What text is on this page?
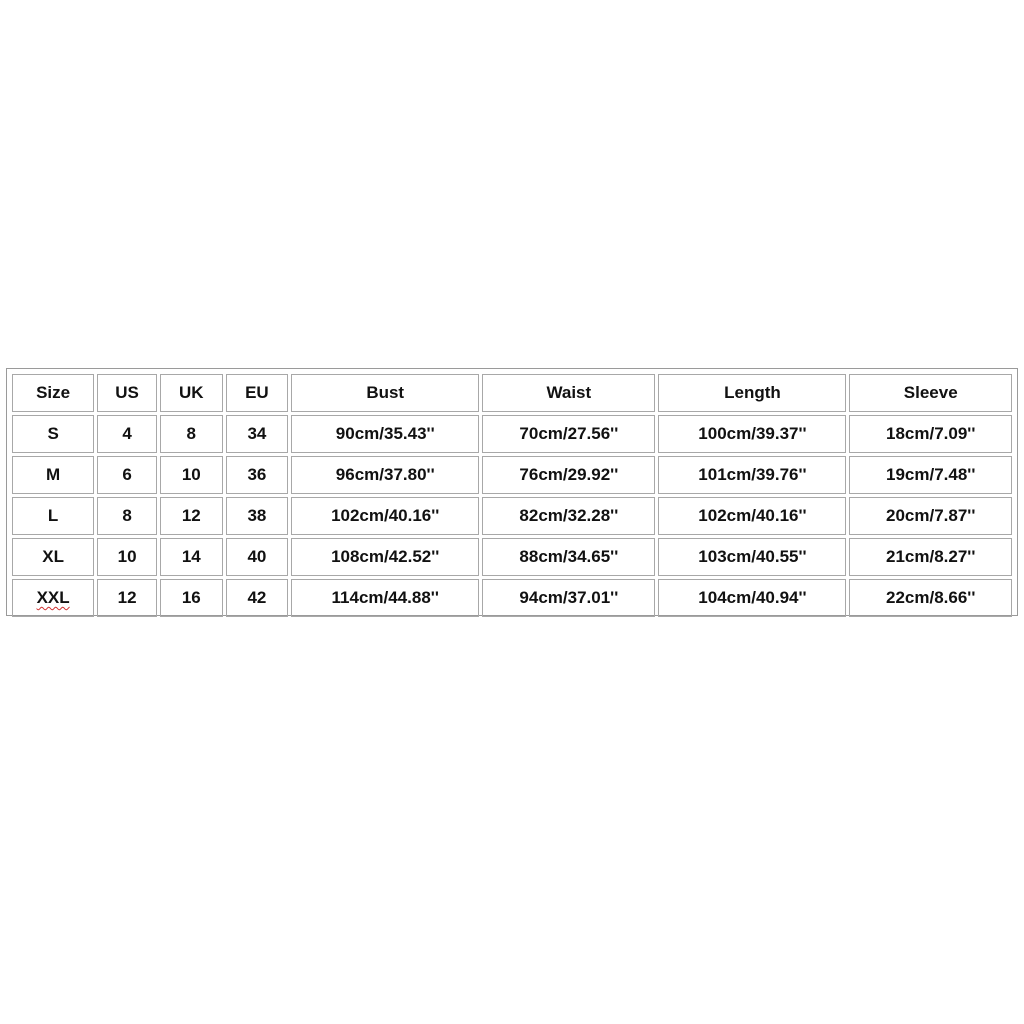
Size	US	UK	EU	Bust	Waist	Length	Sleeve
S	4	8	34	90cm/35.43''	70cm/27.56''	100cm/39.37''	18cm/7.09''
M	6	10	36	96cm/37.80''	76cm/29.92''	101cm/39.76''	19cm/7.48''
L	8	12	38	102cm/40.16''	82cm/32.28''	102cm/40.16''	20cm/7.87''
XL	10	14	40	108cm/42.52''	88cm/34.65''	103cm/40.55''	21cm/8.27''
XXL	12	16	42	114cm/44.88''	94cm/37.01''	104cm/40.94''	22cm/8.66''
